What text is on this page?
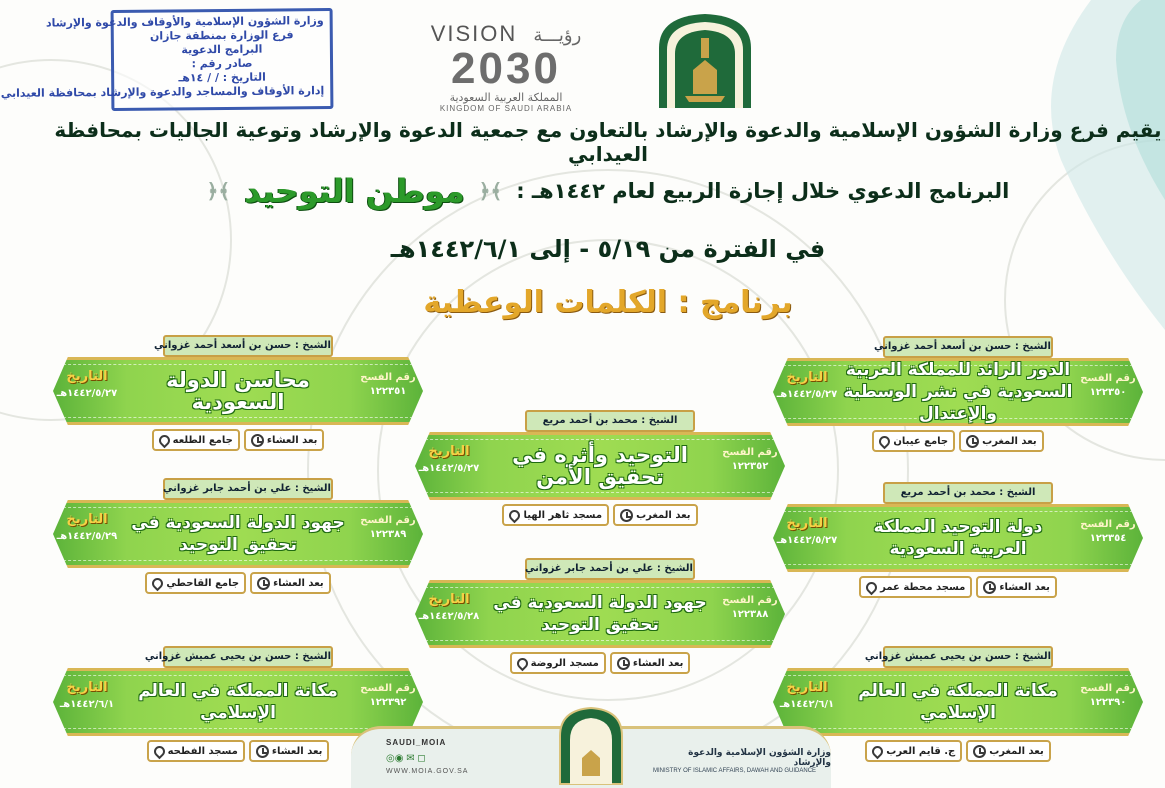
وزارة الشؤون الإسلامية والأوقاف والدعوة والإرشاد
فرع الوزارة بمنطقة جازان
البرامج الدعوية
صادر رقم :
التاريخ : / / ١٤هـ
إدارة الأوقاف والمساجد والدعوة والإرشاد بمحافظة العيدابي
VISION رؤيـــة
2030
المملكة العربية السعودية
KINGDOM OF SAUDI ARABIA
يقيم فرع وزارة الشؤون الإسلامية والدعوة والإرشاد بالتعاون مع جمعية الدعوة والإرشاد وتوعية الجاليات بمحافظة العيدابي
البرنامج الدعوي خلال إجازة الربيع لعام ١٤٤٢هـ :
﴾﴿
موطن التوحيد
﴾﴿
في الفترة من ٥/١٩ - إلى ١٤٤٢/٦/١هـ
برنامج : الكلمات الوعظية
الشيخ : حسن بن أسعد أحمد غزواني
رقم الفسح
١٢٢٣٥١
محاسن الدولة السعودية
التاريخ
١٤٤٢/٥/٢٧هـ
بعد العشاء
جامع الطلعه
الشيخ : حسن بن أسعد أحمد غزواني
رقم الفسح
١٢٢٣٥٠
الدور الرائد للمملكة العربية السعودية في نشر الوسطية والإعتدال
التاريخ
١٤٤٢/٥/٢٧هـ
بعد المغرب
جامع عيبان
الشيخ : محمد بن أحمد مريع
رقم الفسح
١٢٢٣٥٢
التوحيد وأثره في تحقيق الأمن
التاريخ
١٤٤٢/٥/٢٧هـ
بعد المغرب
مسجد ثاهر الهيا
الشيخ : علي بن أحمد جابر غزواني
رقم الفسح
١٢٢٣٨٩
جهود الدولة السعودية في تحقيق التوحيد
التاريخ
١٤٤٢/٥/٢٩هـ
بعد العشاء
جامع القاحطي
الشيخ : محمد بن أحمد مريع
رقم الفسح
١٢٢٣٥٤
دولة التوحيد المملكة العربية السعودية
التاريخ
١٤٤٢/٥/٢٧هـ
بعد العشاء
مسجد محطة عمر
الشيخ : علي بن أحمد جابر غزواني
رقم الفسح
١٢٢٣٨٨
جهود الدولة السعودية في تحقيق التوحيد
التاريخ
١٤٤٢/٥/٢٨هـ
بعد العشاء
مسجد الروضة
الشيخ : حسن بن يحيى عميش غزواني
رقم الفسح
١٢٢٣٩٢
مكانة المملكة في العالم الإسلامي
التاريخ
١٤٤٢/٦/١هـ
بعد العشاء
مسجد الفطحه
الشيخ : حسن بن يحيى عميش غزواني
رقم الفسح
١٢٢٣٩٠
مكانة المملكة في العالم الإسلامي
التاريخ
١٤٤٢/٦/١هـ
بعد المغرب
ج. قايم العرب
SAUDI_MOIA
◎◉ ✉ ◻
WWW.MOIA.GOV.SA
وزارة الشؤون الإسلامية والدعوة والإرشاد
MINISTRY OF ISLAMIC AFFAIRS, DAWAH AND GUIDANCE
